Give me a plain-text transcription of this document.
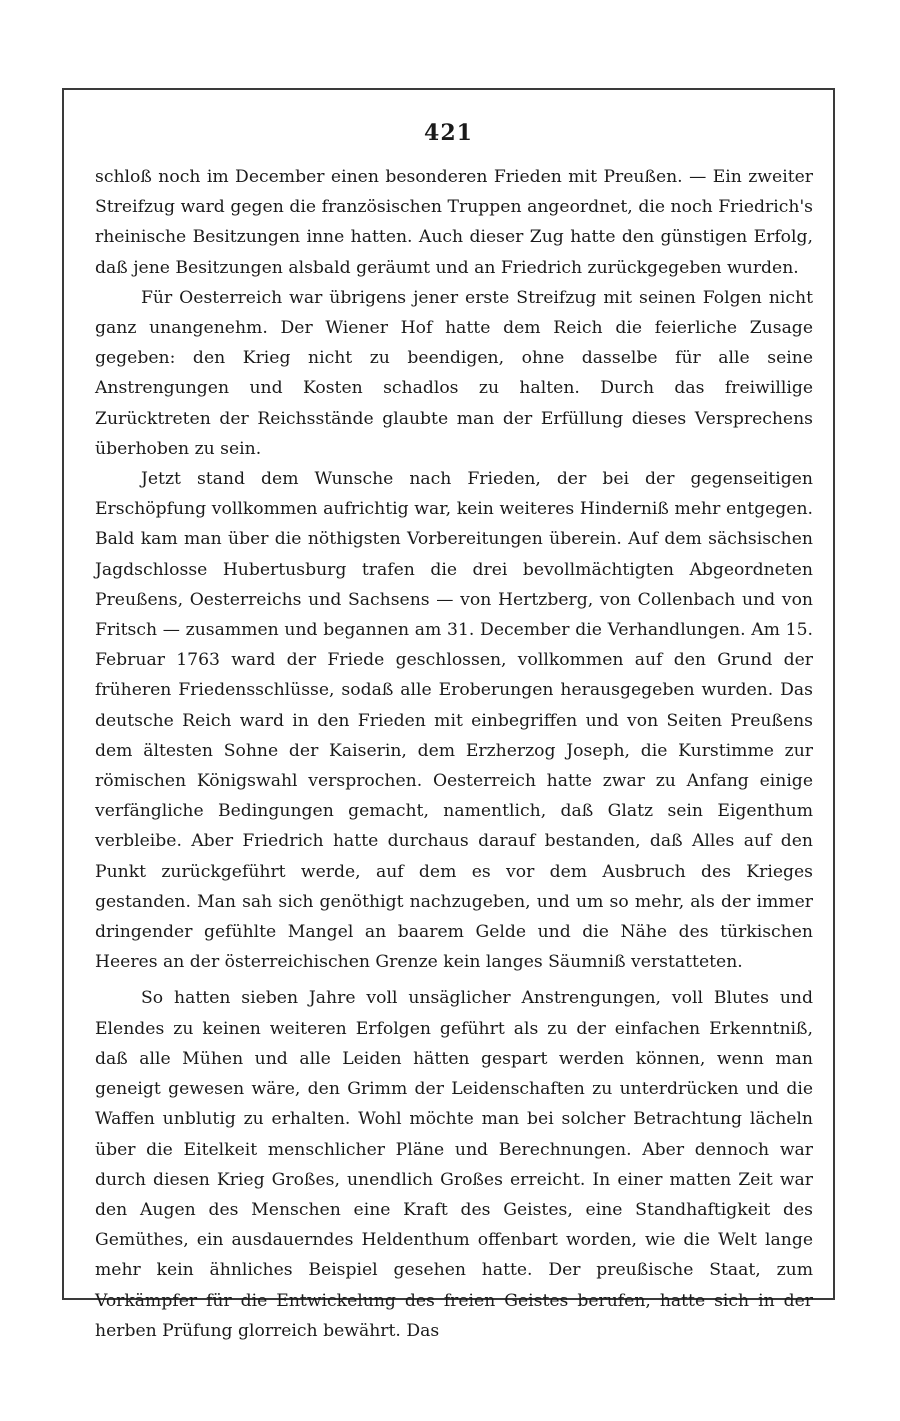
421

schloß noch im December einen besonderen Frieden mit Preußen. — Ein zweiter Streifzug ward gegen die französischen Truppen angeordnet, die noch Friedrich's rheinische Besitzungen inne hatten. Auch dieser Zug hatte den günstigen Erfolg, daß jene Besitzungen alsbald geräumt und an Friedrich zurückgegeben wurden.

Für Oesterreich war übrigens jener erste Streifzug mit seinen Folgen nicht ganz unangenehm. Der Wiener Hof hatte dem Reich die feierliche Zusage gegeben: den Krieg nicht zu beendigen, ohne dasselbe für alle seine Anstrengungen und Kosten schadlos zu halten. Durch das freiwillige Zurücktreten der Reichsstände glaubte man der Erfüllung dieses Versprechens überhoben zu sein.

Jetzt stand dem Wunsche nach Frieden, der bei der gegenseitigen Erschöpfung vollkommen aufrichtig war, kein weiteres Hinderniß mehr entgegen. Bald kam man über die nöthigsten Vorbereitungen überein. Auf dem sächsischen Jagdschlosse Hubertusburg trafen die drei bevollmächtigten Abgeordneten Preußens, Oesterreichs und Sachsens — von Hertzberg, von Collenbach und von Fritsch — zusammen und begannen am 31. December die Verhandlungen. Am 15. Februar 1763 ward der Friede geschlossen, vollkommen auf den Grund der früheren Friedensschlüsse, sodaß alle Eroberungen herausgegeben wurden. Das deutsche Reich ward in den Frieden mit einbegriffen und von Seiten Preußens dem ältesten Sohne der Kaiserin, dem Erzherzog Joseph, die Kurstimme zur römischen Königswahl versprochen. Oesterreich hatte zwar zu Anfang einige verfängliche Bedingungen gemacht, namentlich, daß Glatz sein Eigenthum verbleibe. Aber Friedrich hatte durchaus darauf bestanden, daß Alles auf den Punkt zurückgeführt werde, auf dem es vor dem Ausbruch des Krieges gestanden. Man sah sich genöthigt nachzugeben, und um so mehr, als der immer dringender gefühlte Mangel an baarem Gelde und die Nähe des türkischen Heeres an der österreichischen Grenze kein langes Säumniß verstatteten.

So hatten sieben Jahre voll unsäglicher Anstrengungen, voll Blutes und Elendes zu keinen weiteren Erfolgen geführt als zu der einfachen Erkenntniß, daß alle Mühen und alle Leiden hätten gespart werden können, wenn man geneigt gewesen wäre, den Grimm der Leidenschaften zu unterdrücken und die Waffen unblutig zu erhalten. Wohl möchte man bei solcher Betrachtung lächeln über die Eitelkeit menschlicher Pläne und Berechnungen. Aber dennoch war durch diesen Krieg Großes, unendlich Großes erreicht. In einer matten Zeit war den Augen des Menschen eine Kraft des Geistes, eine Standhaftigkeit des Gemüthes, ein ausdauerndes Heldenthum offenbart worden, wie die Welt lange mehr kein ähnliches Beispiel gesehen hatte. Der preußische Staat, zum Vorkämpfer für die Entwickelung des freien Geistes berufen, hatte sich in der herben Prüfung glorreich bewährt. Das
